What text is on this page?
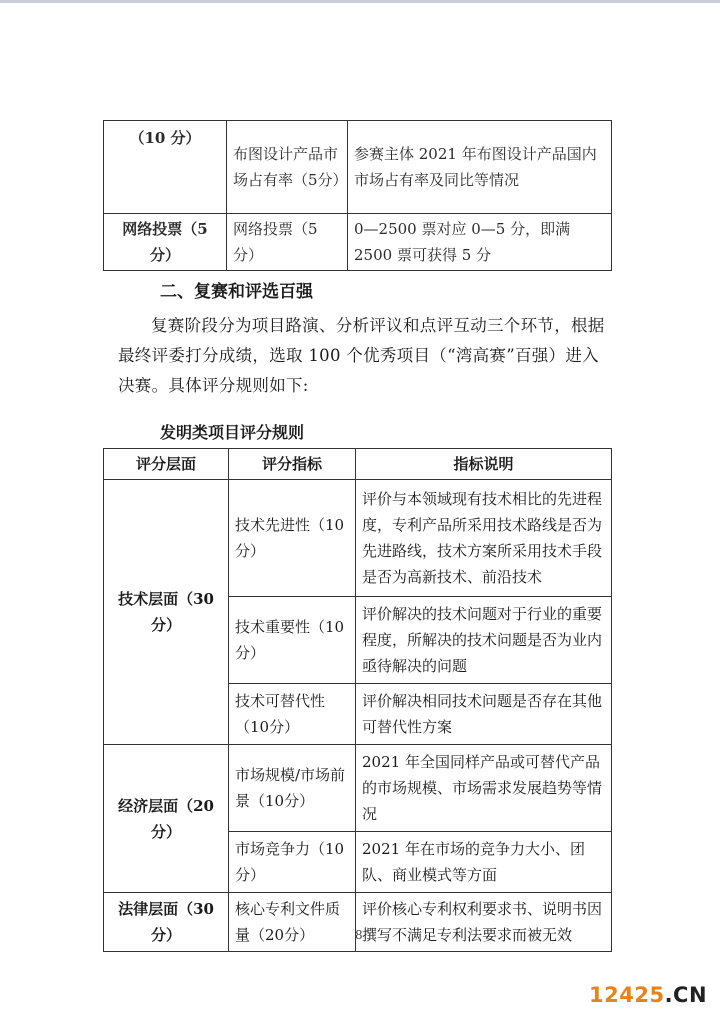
（10 分）	布图设计产品市场占有率（5分）	参赛主体 2021 年布图设计产品国内市场占有率及同比等情况
网络投票（5 分）	网络投票（5 分）	0—2500 票对应 0—5 分，即满 2500 票可获得 5 分
二、复赛和评选百强
复赛阶段分为项目路演、分析评议和点评互动三个环节，根据最终评委打分成绩，选取 100 个优秀项目（“湾高赛”百强）进入决赛。具体评分规则如下:
发明类项目评分规则
评分层面	评分指标	指标说明
技术层面（30 分）	技术先进性（10分）	评价与本领域现有技术相比的先进程度，专利产品所采用技术路线是否为先进路线，技术方案所采用技术手段是否为高新技术、前沿技术
	技术重要性（10分）	评价解决的技术问题对于行业的重要程度，所解决的技术问题是否为业内亟待解决的问题
	技术可替代性（10分）	评价解决相同技术问题是否存在其他可替代性方案
经济层面（20 分）	市场规模/市场前景（10分）	2021 年全国同样产品或可替代产品的市场规模、市场需求发展趋势等情况
	市场竞争力（10分）	2021 年在市场的竞争力大小、团队、商业模式等方面
法律层面（30 分）	核心专利文件质量（20分）	评价核心专利权利要求书、说明书因撰写不满足专利法要求而被无效
8
12425.CN
